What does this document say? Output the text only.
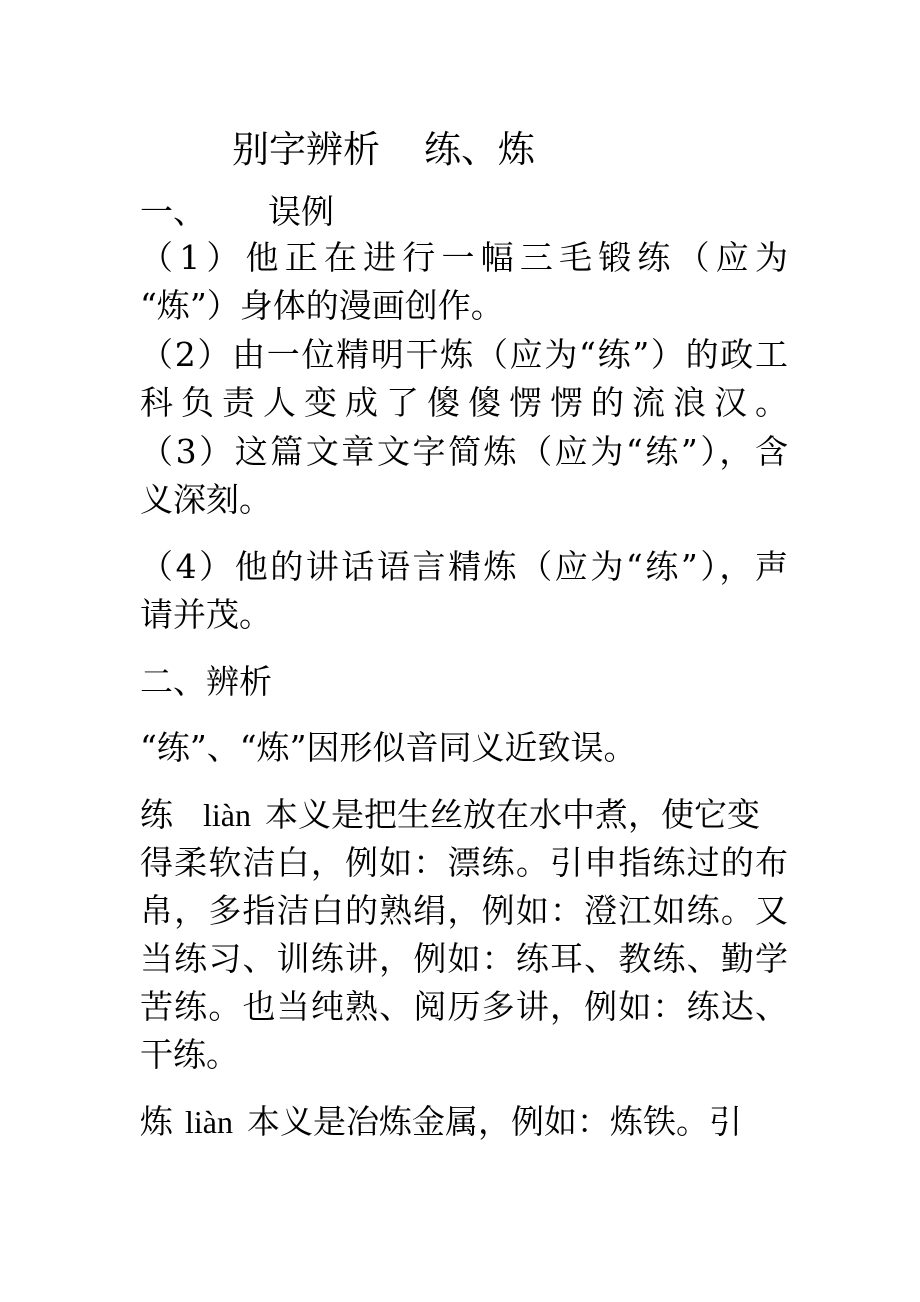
别字辨析 练、炼
一、 误例
（1）他正在进行一幅三毛锻练（应为
“炼”）身体的漫画创作。
（2）由一位精明干炼（应为“练”）的政工
科负责人变成了傻傻愣愣的流浪汉。
（3）这篇文章文字简炼（应为“练”），含
义深刻。
（4）他的讲话语言精炼（应为“练”），声
请并茂。
二、辨析
“练”、“炼”因形似音同义近致误。
练 liàn 本义是把生丝放在水中煮，使它变
得柔软洁白，例如：漂练。引申指练过的布
帛，多指洁白的熟绢，例如：澄江如练。又
当练习、训练讲，例如：练耳、教练、勤学
苦练。也当纯熟、阅历多讲，例如：练达、
干练。
炼 liàn 本义是冶炼金属，例如：炼铁。引
